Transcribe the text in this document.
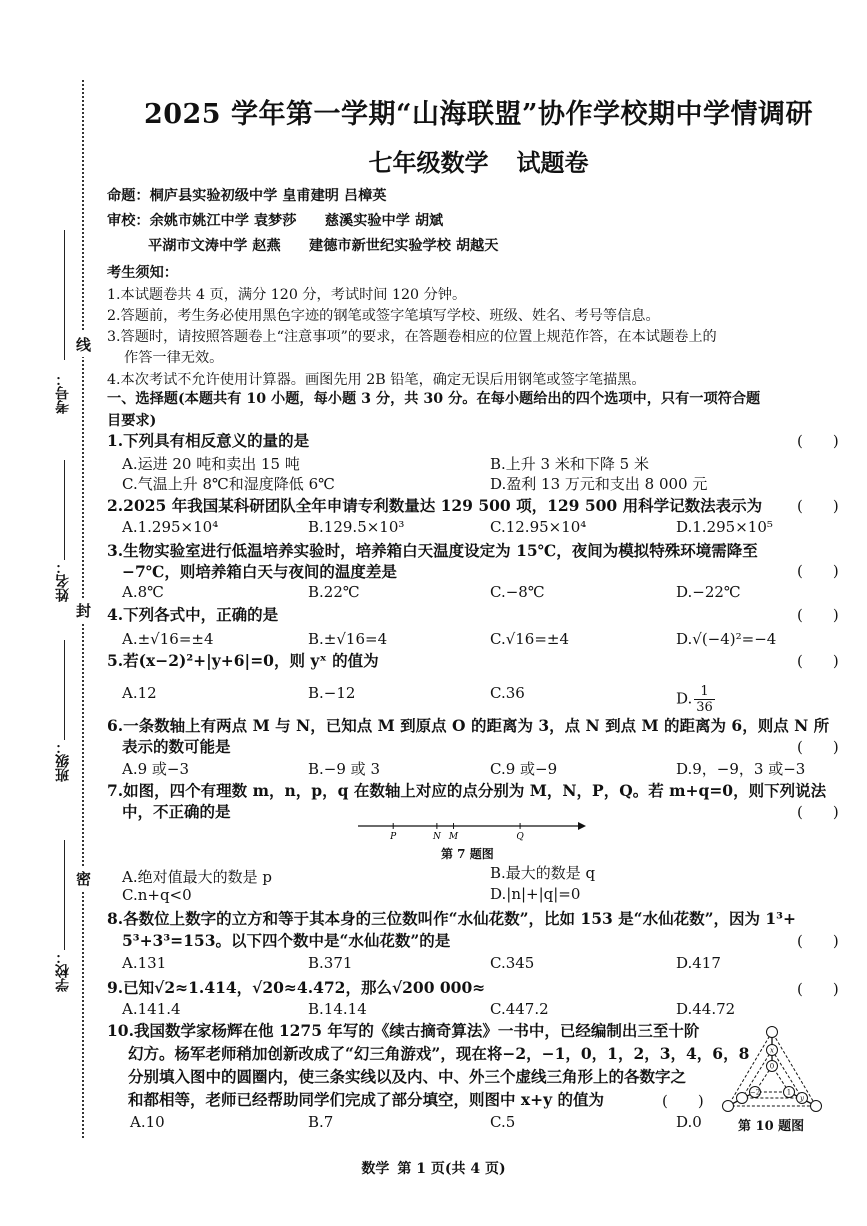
考号：
姓名：
班级：
学校：
线
封
密
2025 学年第一学期“山海联盟”协作学校期中学情调研
七年级数学 试题卷
命题：桐庐县实验初级中学 皇甫建明 吕樟英
审校：余姚市姚江中学 袁梦莎　　慈溪实验中学 胡斌
平湖市文涛中学 赵燕　　建德市新世纪实验学校 胡越天
考生须知：
1.本试题卷共 4 页，满分 120 分，考试时间 120 分钟。
2.答题前，考生务必使用黑色字迹的钢笔或签字笔填写学校、班级、姓名、考号等信息。
3.答题时，请按照答题卷上“注意事项”的要求，在答题卷相应的位置上规范作答，在本试题卷上的
作答一律无效。
4.本次考试不允许使用计算器。画图先用 2B 铅笔，确定无误后用钢笔或签字笔描黑。
一、选择题(本题共有 10 小题，每小题 3 分，共 30 分。在每小题给出的四个选项中，只有一项符合题
目要求)
1.下列具有相反意义的量的是	(　　)
A.运进 20 吨和卖出 15 吨	B.上升 3 米和下降 5 米
C.气温上升 8℃和湿度降低 6℃	D.盈利 13 万元和支出 8 000 元
2.2025 年我国某科研团队全年申请专利数量达 129 500 项，129 500 用科学记数法表示为 (　　)
A.1.295×10⁴	B.129.5×10³	C.12.95×10⁴	D.1.295×10⁵
3.生物实验室进行低温培养实验时，培养箱白天温度设定为 15℃，夜间为模拟特殊环境需降至
−7℃，则培养箱白天与夜间的温度差是	(　　)
A.8℃	B.22℃	C.−8℃	D.−22℃
4.下列各式中，正确的是	(　　)
A.±√16=±4	B.±√16=4	C.√16=±4	D.√(−4)²=−4
5.若(x−2)²+|y+6|=0，则 yˣ 的值为	(　　)
A.12	B.−12	C.36	D. $\frac{1}{36}$
6.一条数轴上有两点 M 与 N，已知点 M 到原点 O 的距离为 3，点 N 到点 M 的距离为 6，则点 N 所
表示的数可能是	(　　)
A.9 或−3	B.−9 或 3	C.9 或−9	D.9，−9，3 或−3
7.如图，四个有理数 m，n，p，q 在数轴上对应的点分别为 M，N，P，Q。若 m+q=0，则下列说法
中，不正确的是	(　　)
P	N M	Q
第 7 题图
A.绝对值最大的数是 p	B.最大的数是 q
C.n+q<0	D.|n|+|q|=0
8.各数位上数字的立方和等于其本身的三位数叫作“水仙花数”，比如 153 是“水仙花数”，因为 1³+
5³+3³=153。以下四个数中是“水仙花数”的是	(　　)
A.131	B.371	C.345	D.417
9.已知√2≈1.414，√20≈4.472，那么√200 000≈	(　　)
A.141.4	B.14.14	C.447.2	D.44.72
10.我国数学家杨辉在他 1275 年写的《续古摘奇算法》一书中，已经编制出三至十阶
幻方。杨军老师稍加创新改成了“幻三角游戏”，现在将−2，−1，0，1，2，3，4，6，8
分别填入图中的圆圈内，使三条实线以及内、中、外三个虚线三角形上的各数字之
和都相等，老师已经帮助同学们完成了部分填空，则图中 x+y 的值为	(　　)
A.10	B.7	C.5	D.0
x
−2
0
1
y
第 10 题图
数学 第 1 页(共 4 页)
